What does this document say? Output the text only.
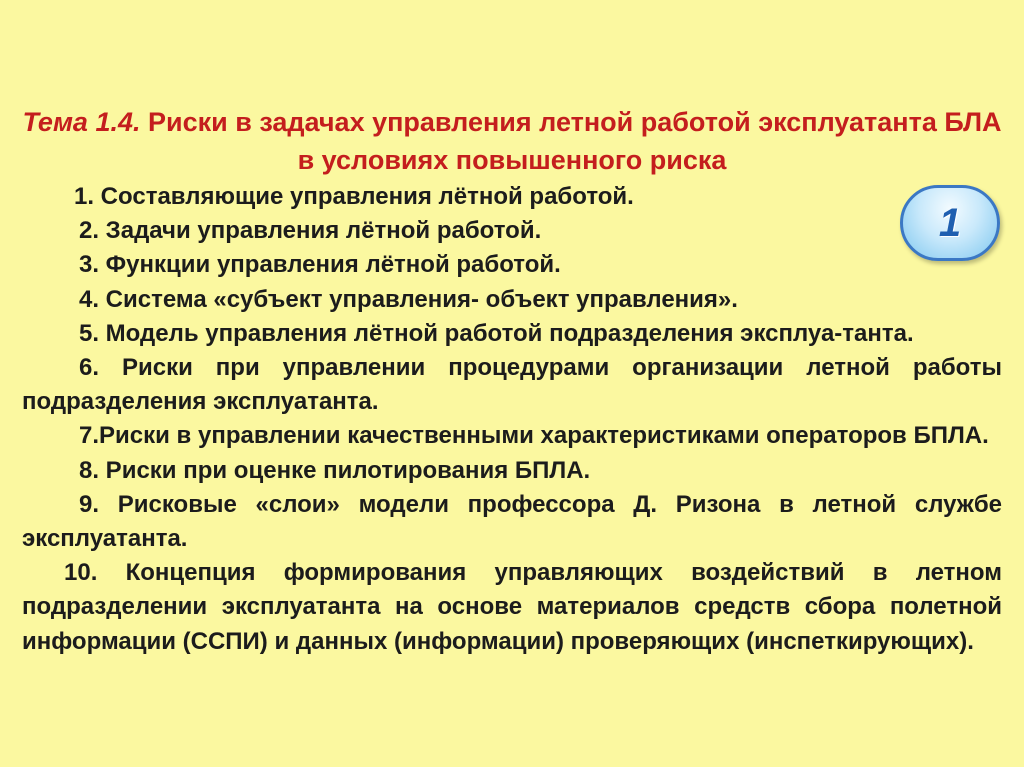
Тема 1.4. Риски в задачах управления летной работой эксплуатанта БЛА в условиях повышенного риска
1
1. Составляющие управления лётной работой.
2. Задачи управления лётной работой.
3. Функции управления лётной работой.
4. Система «субъект управления- объект управления».
5. Модель управления лётной работой подразделения эксплуа-танта.
6. Риски при управлении процедурами организации летной работы подразделения эксплуатанта.
7.Риски в управлении качественными характеристиками операторов БПЛА.
8. Риски при оценке пилотирования БПЛА.
9. Рисковые «слои» модели профессора Д. Ризона в летной службе эксплуатанта.
10. Концепция формирования управляющих воздействий в летном подразделении эксплуатанта на основе материалов средств сбора полетной информации (ССПИ) и данных (информации) проверяющих (инспеткирующих).
